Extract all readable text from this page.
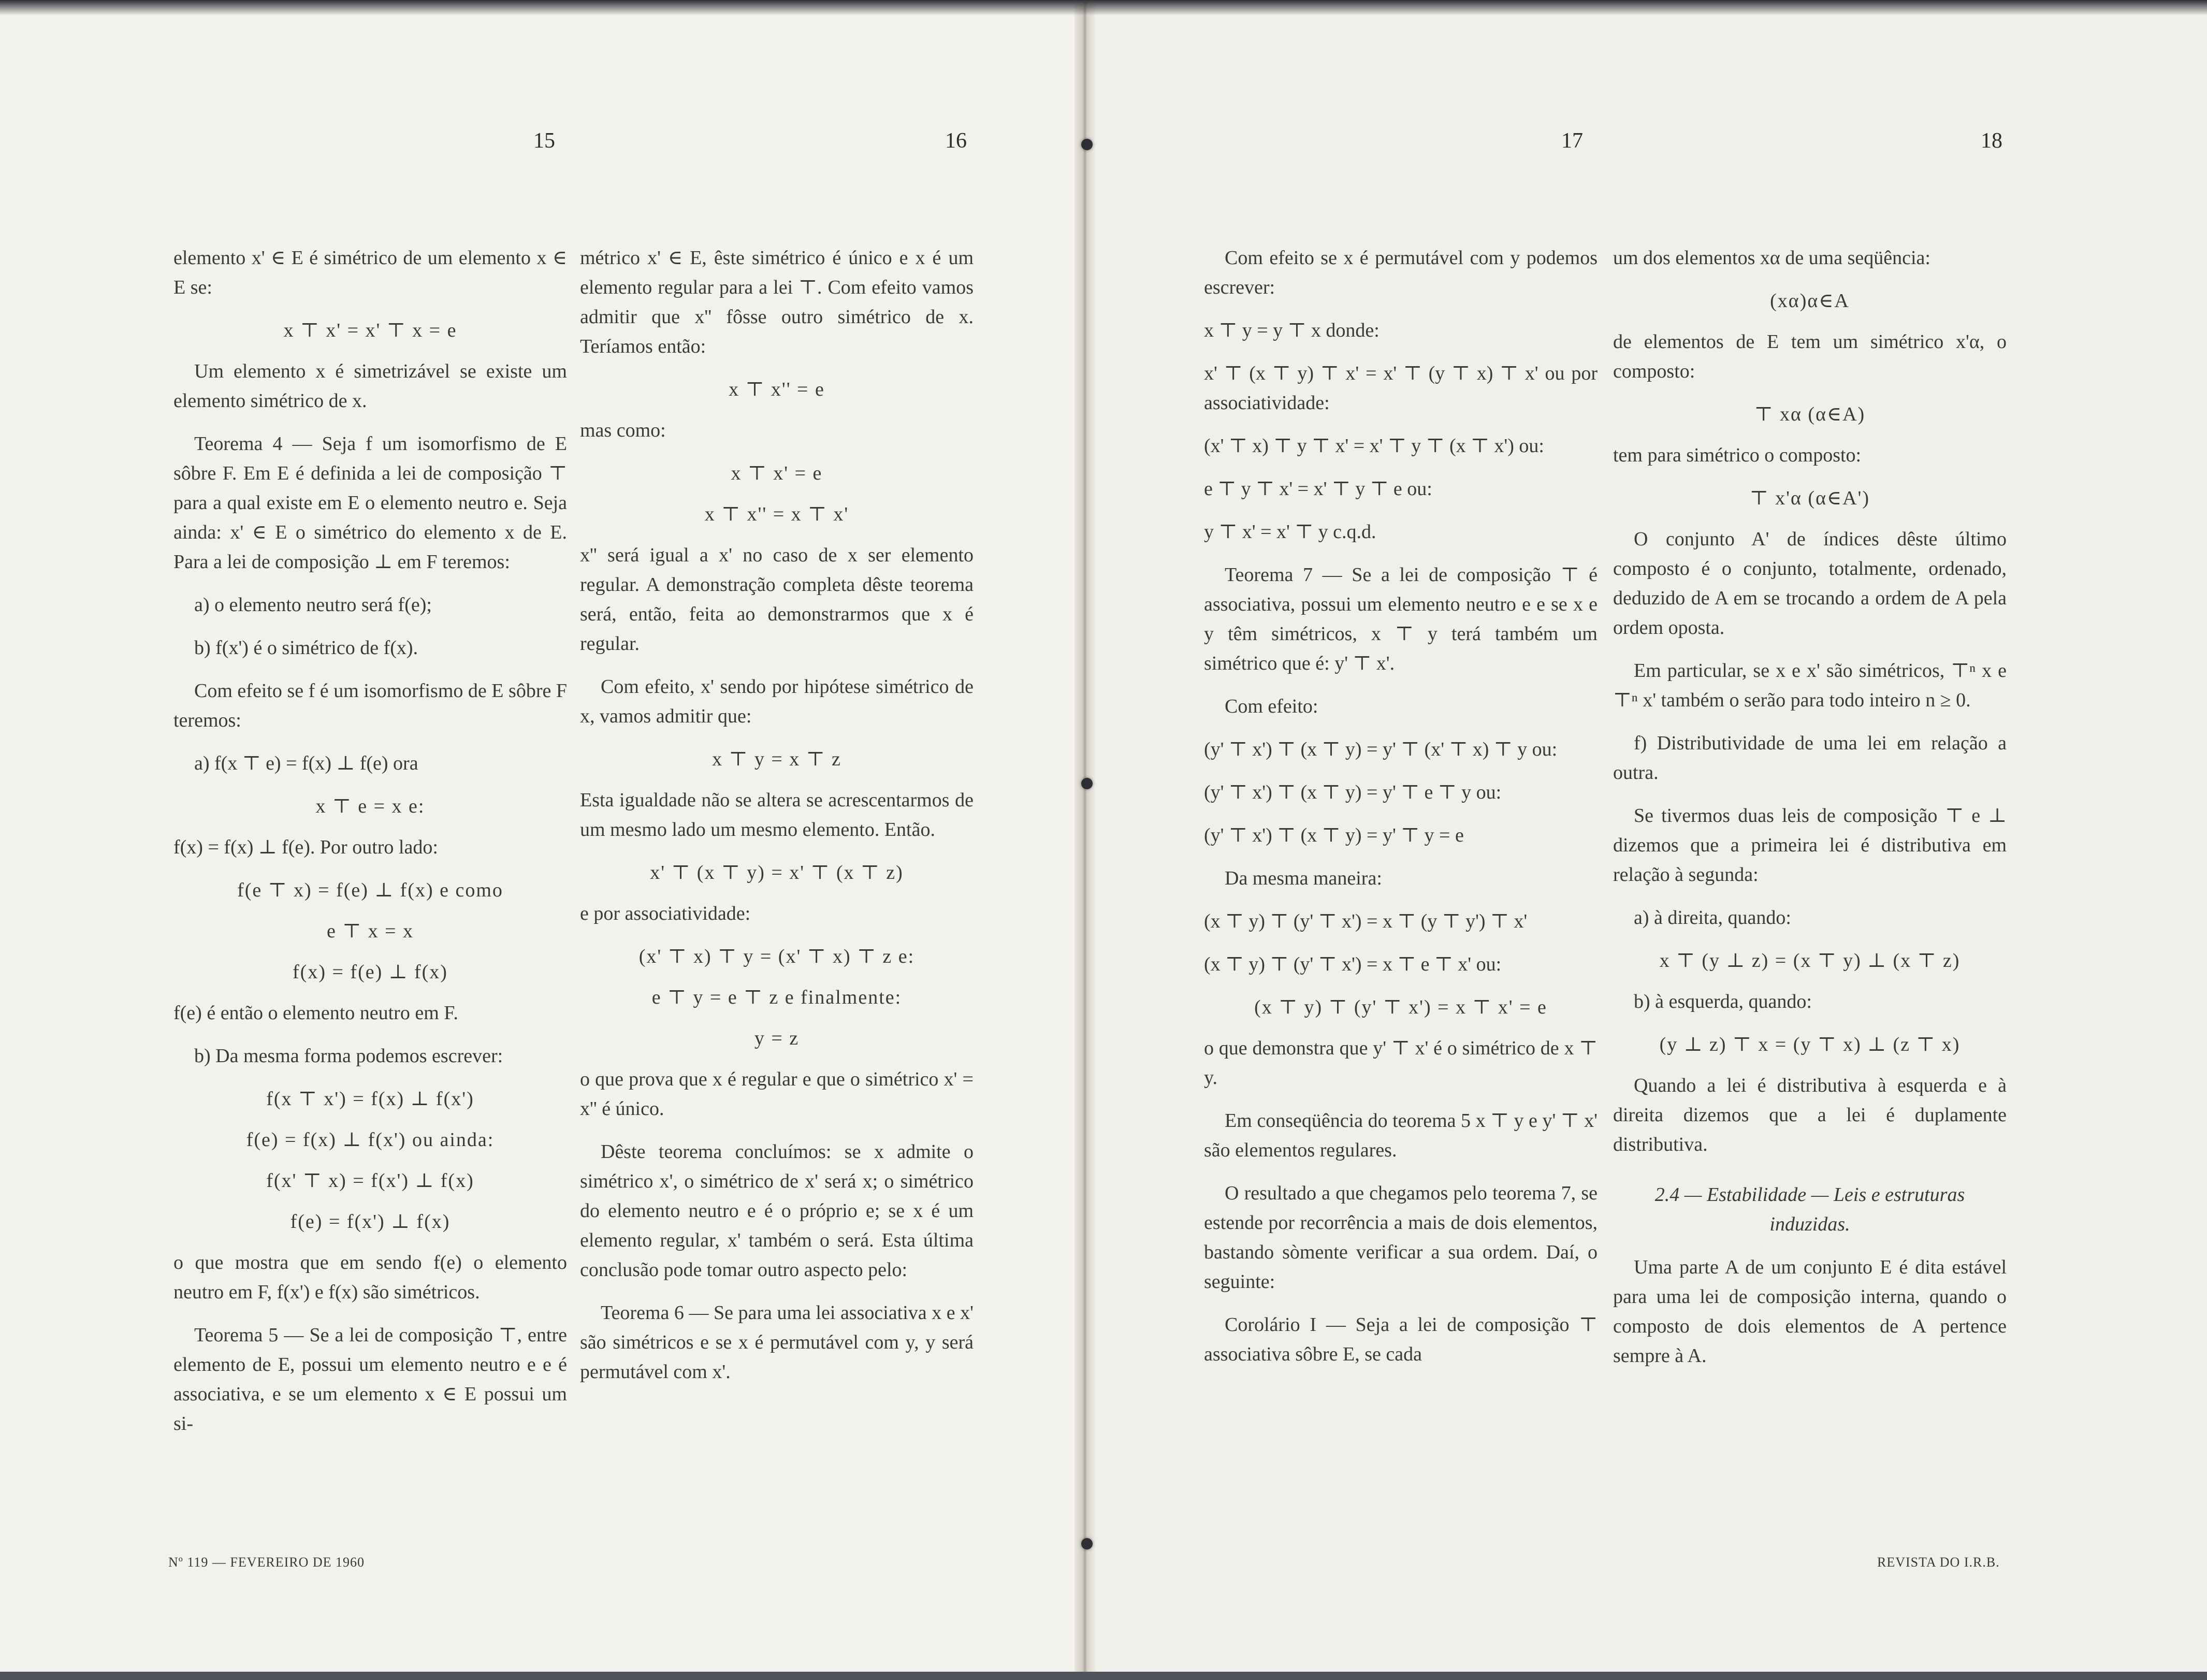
15

elemento x' ∈ E é simétrico de um elemento x ∈ E se:

x ⊤ x' = x' ⊤ x = e

Um elemento x é simetrizável se existe um elemento simétrico de x.

Teorema 4 — Seja f um isomorfismo de E sôbre F. Em E é definida a lei de composição ⊤ para a qual existe em E o elemento neutro e. Seja ainda: x' ∈ E o simétrico do elemento x de E. Para a lei de composição ⊥ em F teremos:

a) o elemento neutro será f(e);

b) f(x') é o simétrico de f(x).

Com efeito se f é um isomorfismo de E sôbre F teremos:

a) f(x ⊤ e) = f(x) ⊥ f(e) ora

x ⊤ e = x e:

f(x) = f(x) ⊥ f(e). Por outro lado:

f(e ⊤ x) = f(e) ⊥ f(x) e como

e ⊤ x = x

f(x) = f(e) ⊥ f(x)

f(e) é então o elemento neutro em F.

b) Da mesma forma podemos escrever:

f(x ⊤ x') = f(x) ⊥ f(x')

f(e) = f(x) ⊥ f(x') ou ainda:

f(x' ⊤ x) = f(x') ⊥ f(x)

f(e) = f(x') ⊥ f(x)

o que mostra que em sendo f(e) o elemento neutro em F, f(x') e f(x) são simétricos.

Teorema 5 — Se a lei de composição ⊤, entre elemento de E, possui um elemento neutro e e é associativa, e se um elemento x ∈ E possui um si-

Nº 119 — FEVEREIRO DE 1960
16

métrico x' ∈ E, êste simétrico é único e x é um elemento regular para a lei ⊤. Com efeito vamos admitir que x'' fôsse outro simétrico de x. Teríamos então:

x ⊤ x'' = e

mas como:

x ⊤ x' = e

x ⊤ x'' = x ⊤ x'

x'' será igual a x' no caso de x ser elemento regular. A demonstração completa dêste teorema será, então, feita ao demonstrarmos que x é regular.

Com efeito, x' sendo por hipótese simétrico de x, vamos admitir que:

x ⊤ y = x ⊤ z

Esta igualdade não se altera se acrescentarmos de um mesmo lado um mesmo elemento. Então.

x' ⊤ (x ⊤ y) = x' ⊤ (x ⊤ z)

e por associatividade:

(x' ⊤ x) ⊤ y = (x' ⊤ x) ⊤ z e:

e ⊤ y = e ⊤ z e finalmente:

y = z

o que prova que x é regular e que o simétrico x' = x'' é único.

Dêste teorema concluímos: se x admite o simétrico x', o simétrico de x' será x; o simétrico do elemento neutro e é o próprio e; se x é um elemento regular, x' também o será. Esta última conclusão pode tomar outro aspecto pelo:

Teorema 6 — Se para uma lei associativa x e x' são simétricos e se x é permutável com y, y será permutável com x'.

17

Com efeito se x é permutável com y podemos escrever:

x ⊤ y = y ⊤ x donde:

x' ⊤ (x ⊤ y) ⊤ x' = x' ⊤ (y ⊤ x) ⊤ x' ou por associatividade:

(x' ⊤ x) ⊤ y ⊤ x' = x' ⊤ y ⊤ (x ⊤ x') ou:

e ⊤ y ⊤ x' = x' ⊤ y ⊤ e ou:

y ⊤ x' = x' ⊤ y c.q.d.

Teorema 7 — Se a lei de composição ⊤ é associativa, possui um elemento neutro e e se x e y têm simétricos, x ⊤ y terá também um simétrico que é: y' ⊤ x'.

Com efeito:

(y' ⊤ x') ⊤ (x ⊤ y) = y' ⊤ (x' ⊤ x) ⊤ y ou:

(y' ⊤ x') ⊤ (x ⊤ y) = y' ⊤ e ⊤ y ou:

(y' ⊤ x') ⊤ (x ⊤ y) = y' ⊤ y = e

Da mesma maneira:

(x ⊤ y) ⊤ (y' ⊤ x') = x ⊤ (y ⊤ y') ⊤ x'

(x ⊤ y) ⊤ (y' ⊤ x') = x ⊤ e ⊤ x' ou:

(x ⊤ y) ⊤ (y' ⊤ x') = x ⊤ x' = e

o que demonstra que y' ⊤ x' é o simétrico de x ⊤ y.

Em conseqüência do teorema 5 x ⊤ y e y' ⊤ x' são elementos regulares.

O resultado a que chegamos pelo teorema 7, se estende por recorrência a mais de dois elementos, bastando sòmente verificar a sua ordem. Daí, o seguinte:

Corolário I — Seja a lei de composição ⊤ associativa sôbre E, se cada

18

um dos elementos xα de uma seqüência:

(xα)α∈A

de elementos de E tem um simétrico x'α, o composto:

⊤ xα (α∈A)

tem para simétrico o composto:

⊤ x'α (α∈A')

O conjunto A' de índices dêste último composto é o conjunto, totalmente, ordenado, deduzido de A em se trocando a ordem de A pela ordem oposta.

Em particular, se x e x' são simétricos, ⊤ⁿ x e ⊤ⁿ x' também o serão para todo inteiro n ≥ 0.

f) Distributividade de uma lei em relação a outra.

Se tivermos duas leis de composição ⊤ e ⊥ dizemos que a primeira lei é distributiva em relação à segunda:

a) à direita, quando:

x ⊤ (y ⊥ z) = (x ⊤ y) ⊥ (x ⊤ z)

b) à esquerda, quando:

(y ⊥ z) ⊤ x = (y ⊤ x) ⊥ (z ⊤ x)

Quando a lei é distributiva à esquerda e à direita dizemos que a lei é duplamente distributiva.

2.4 — Estabilidade — Leis e estruturas induzidas.

Uma parte A de um conjunto E é dita estável para uma lei de composição interna, quando o composto de dois elementos de A pertence sempre à A.

REVISTA DO I.R.B.
